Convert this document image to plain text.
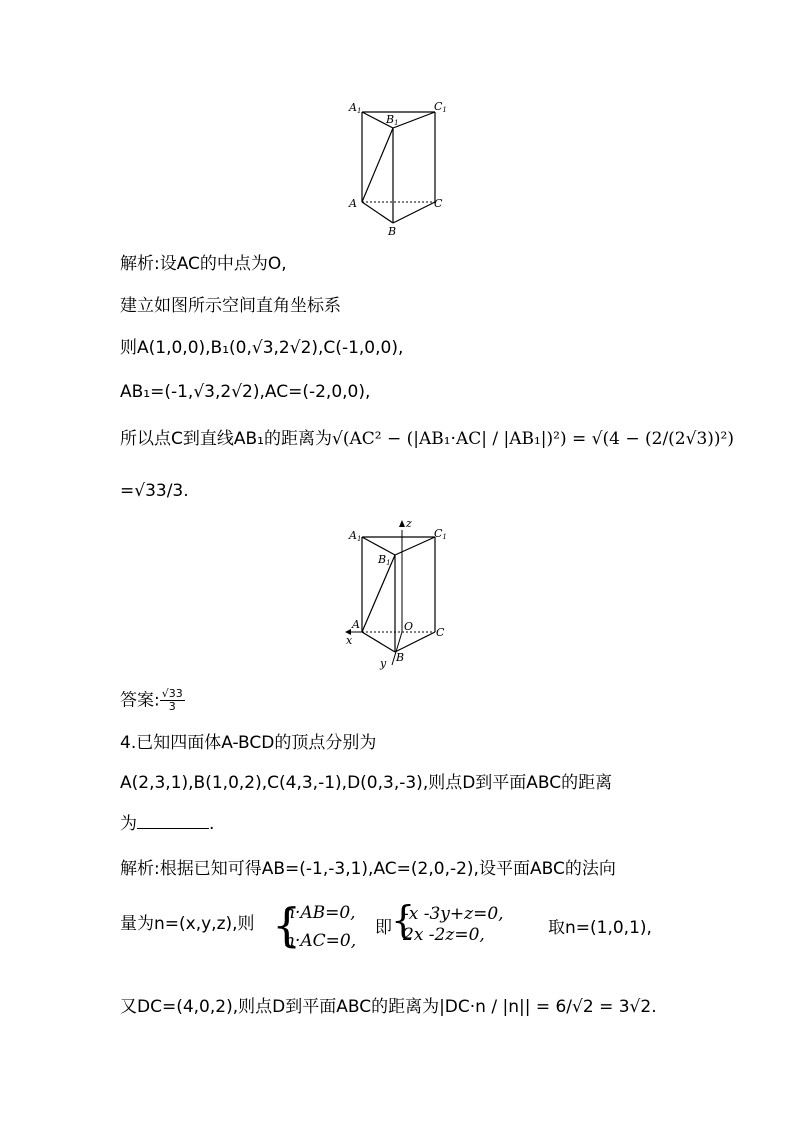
A1
B1
C1
A	C
B
解析:设AC的中点为O,
建立如图所示空间直角坐标系
则A(1,0,0),B₁(0,√3,2√2),C(-1,0,0),
AB₁=(-1,√3,2√2),AC=(-2,0,0),
所以点C到直线AB₁的距离为√(AC² − (|AB₁·AC| / |AB₁|)²) = √(4 − (2/(2√3))²)
=√33/3.
z
A1
B1
C1
A	O C
B
x
y
答案: $\frac{√33}{3}$
4.已知四面体A-BCD的顶点分别为
A(2,3,1),B(1,0,2),C(4,3,-1),D(0,3,-3),则点D到平面ABC的距离
为	.
解析:根据已知可得AB=(-1,-3,1),AC=(2,0,-2),设平面ABC的法向
量为n=(x,y,z),则 {
n·AB=0,
n·AC=0,
即 {
-x -3y+z=0,
2x -2z=0,	取n=(1,0,1),
又DC=(4,0,2),则点D到平面ABC的距离为|DC·n / |n|| = 6/√2 = 3√2.
